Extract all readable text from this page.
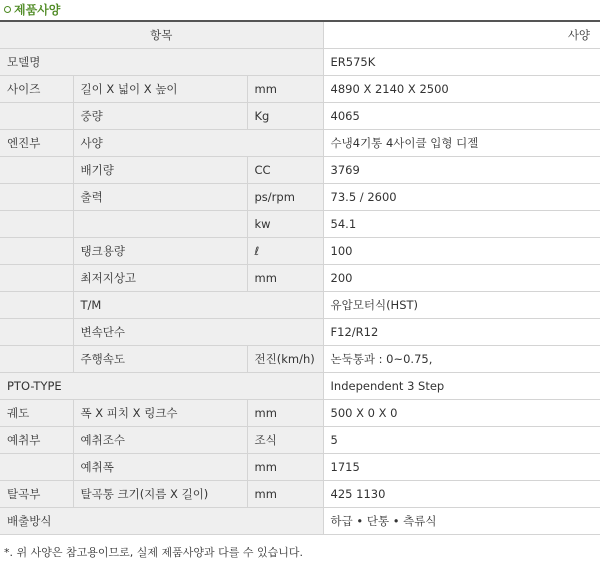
제품사양
항목			사양
모델명			ER575K
사이즈	길이 X 넓이 X 높이	mm	4890 X 2140 X 2500
	중량	Kg	4065
엔진부	사양		수냉4기통 4사이클 입형 디젤
	배기량	CC	3769
	출력	ps/rpm	73.5 / 2600
		kw	54.1
	탱크용량	ℓ	100
	최저지상고	mm	200
	T/M		유압모터식(HST)
	변속단수		F12/R12
	주행속도	전진(km/h)	논둑통과 : 0~0.75,
PTO-TYPE			Independent 3 Step
궤도	폭 X 피치 X 링크수	mm	500 X 0 X 0
예취부	예취조수	조식	5
	예취폭	mm	1715
탈곡부	탈곡통 크기(지름 X 길이)	mm	425 1130
배출방식			하급 • 단통 • 측류식
*. 위 사양은 참고용이므로, 실제 제품사양과 다를 수 있습니다.
